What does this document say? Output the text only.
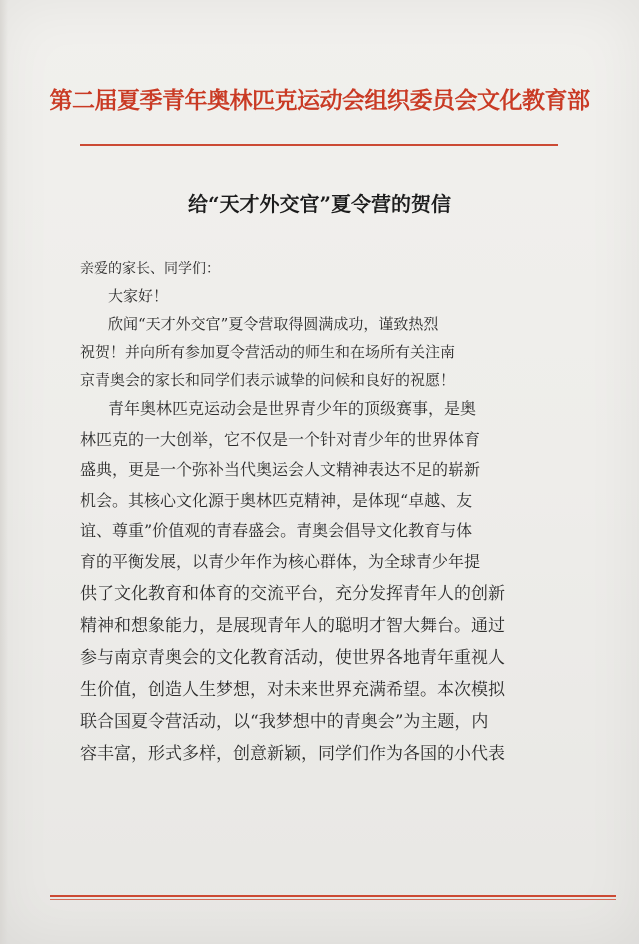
第二届夏季青年奥林匹克运动会组织委员会文化教育部
给“天才外交官”夏令营的贺信
亲爱的家长、同学们：
大家好！
欣闻“天才外交官”夏令营取得圆满成功，谨致热烈
祝贺！并向所有参加夏令营活动的师生和在场所有关注南
京青奥会的家长和同学们表示诚挚的问候和良好的祝愿！
青年奥林匹克运动会是世界青少年的顶级赛事，是奥
林匹克的一大创举，它不仅是一个针对青少年的世界体育
盛典，更是一个弥补当代奥运会人文精神表达不足的崭新
机会。其核心文化源于奥林匹克精神，是体现“卓越、友
谊、尊重”价值观的青春盛会。青奥会倡导文化教育与体
育的平衡发展，以青少年作为核心群体，为全球青少年提
供了文化教育和体育的交流平台，充分发挥青年人的创新
精神和想象能力，是展现青年人的聪明才智大舞台。通过
参与南京青奥会的文化教育活动，使世界各地青年重视人
生价值，创造人生梦想，对未来世界充满希望。本次模拟
联合国夏令营活动，以“我梦想中的青奥会”为主题，内
容丰富，形式多样，创意新颖，同学们作为各国的小代表
